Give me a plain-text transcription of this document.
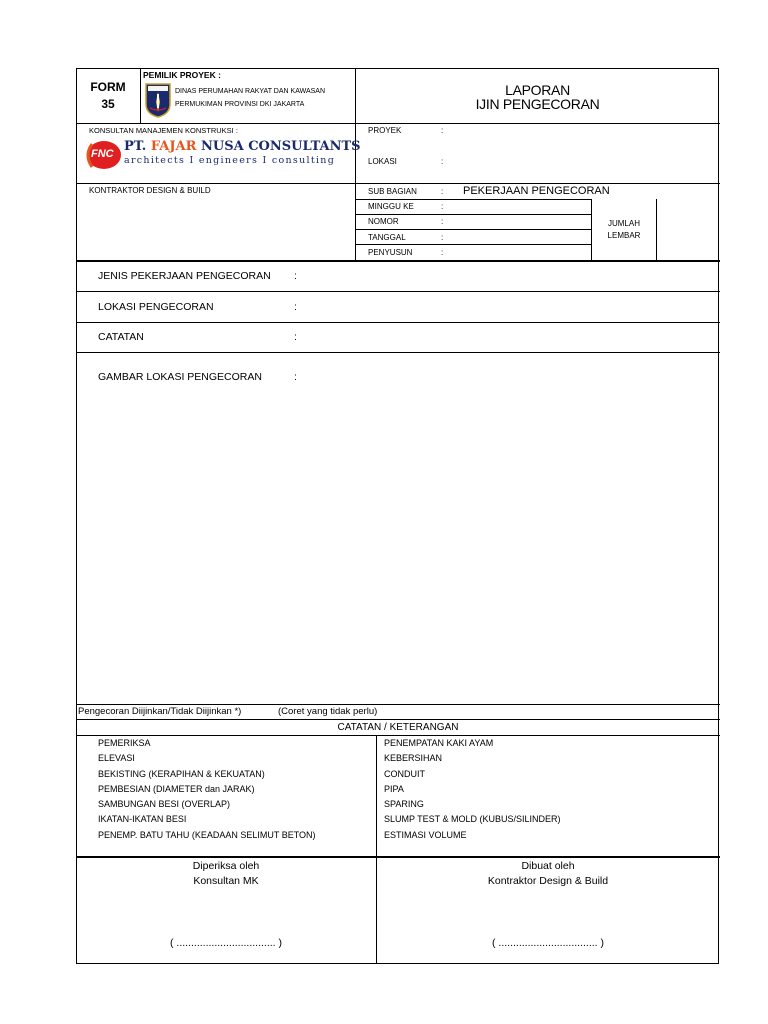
FORM
35
PEMILIK PROYEK :
DINAS PERUMAHAN RAKYAT DAN KAWASAN
PERMUKIMAN PROVINSI DKI JAKARTA
LAPORAN
IJIN PENGECORAN
KONSULTAN MANAJEMEN KONSTRUKSI :
FNC PT. FAJAR NUSA CONSULTANTS
architects I engineers I consulting
PROYEK	:
LOKASI	:
KONTRAKTOR DESIGN & BUILD	SUB BAGIAN	: PEKERJAAN PENGECORAN
MINGGU KE	:
NOMOR	:
TANGGAL	:
PENYUSUN	:
JUMLAH
LEMBAR
JENIS PEKERJAAN PENGECORAN :
LOKASI PENGECORAN	:
CATATAN	:
GAMBAR LOKASI PENGECORAN	:
Pengecoran Diijinkan/Tidak Diijinkan *)	(Coret yang tidak perlu)
CATATAN / KETERANGAN
PEMERIKSA
ELEVASI
BEKISTING (KERAPIHAN & KEKUATAN)
PEMBESIAN (DIAMETER dan JARAK)
SAMBUNGAN BESI (OVERLAP)
IKATAN-IKATAN BESI
PENEMP. BATU TAHU (KEADAAN SELIMUT BETON)
PENEMPATAN KAKI AYAM
KEBERSIHAN
CONDUIT
PIPA
SPARING
SLUMP TEST & MOLD (KUBUS/SILINDER)
ESTIMASI VOLUME
Diperiksa oleh
Konsultan MK
( .................................. )
Dibuat oleh
Kontraktor Design & Build
( .................................. )
